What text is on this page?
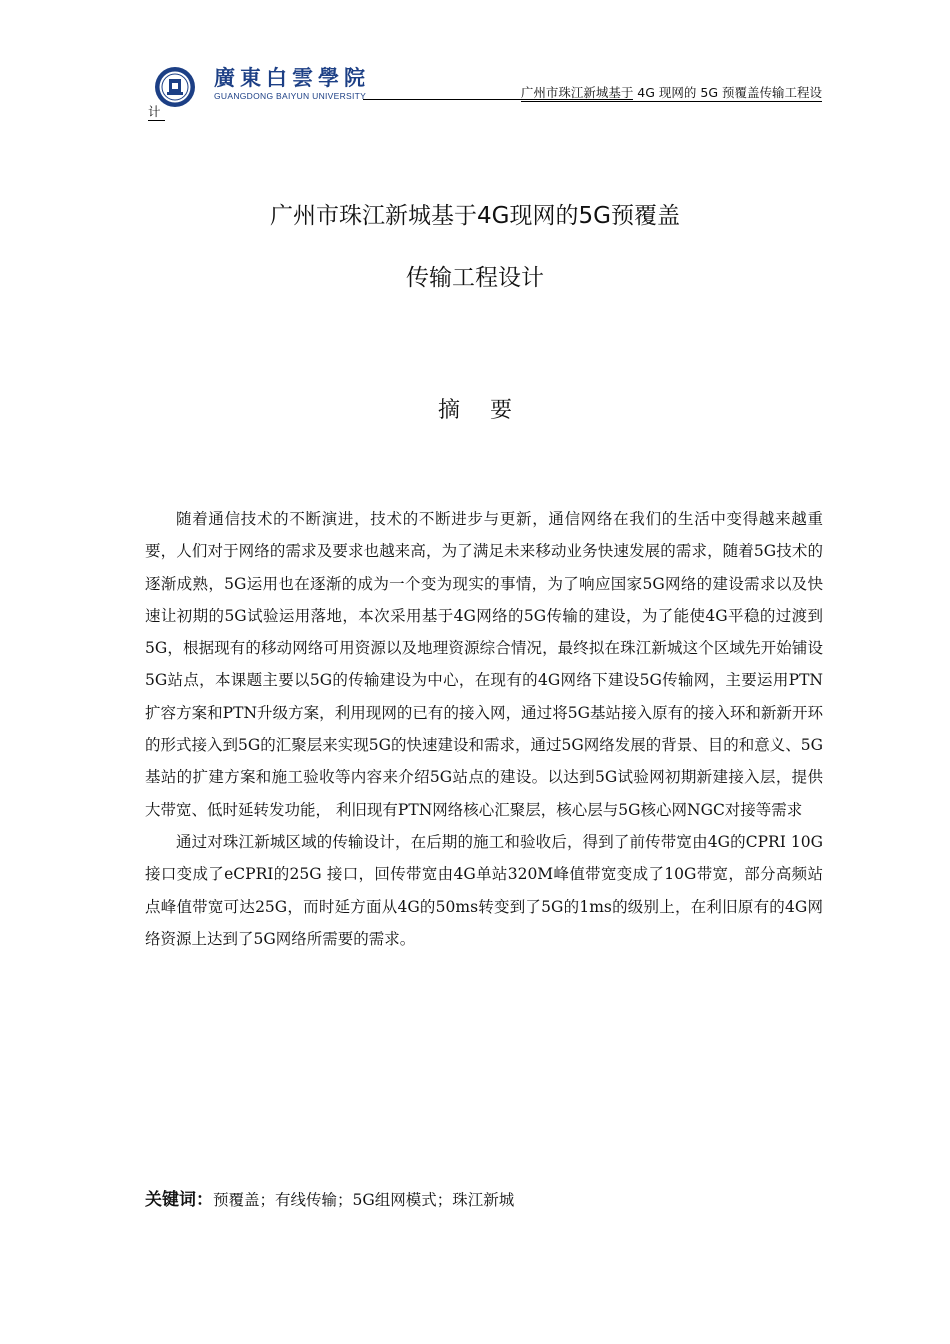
廣東白雲學院
GUANGDONG BAIYUN UNIVERSITY	广州市珠江新城基于 4G 现网的 5G 预覆盖传输工程设
计
广州市珠江新城基于4G现网的5G预覆盖
传输工程设计
摘要

随着通信技术的不断演进，技术的不断进步与更新，通信网络在我们的生活中变得越来越重要，人们对于网络的需求及要求也越来高，为了满足未来移动业务快速发展的需求，随着5G技术的逐渐成熟，5G运用也在逐渐的成为一个变为现实的事情，为了响应国家5G网络的建设需求以及快速让初期的5G试验运用落地，本次采用基于4G网络的5G传输的建设，为了能使4G平稳的过渡到5G，根据现有的移动网络可用资源以及地理资源综合情况，最终拟在珠江新城这个区域先开始铺设5G站点，本课题主要以5G的传输建设为中心，在现有的4G网络下建设5G传输网，主要运用PTN扩容方案和PTN升级方案，利用现网的已有的接入网，通过将5G基站接入原有的接入环和新新开环的形式接入到5G的汇聚层来实现5G的快速建设和需求，通过5G网络发展的背景、目的和意义、5G基站的扩建方案和施工验收等内容来介绍5G站点的建设。以达到5G试验网初期新建接入层，提供大带宽、低时延转发功能， 利旧现有PTN网络核心汇聚层，核心层与5G核心网NGC对接等需求

通过对珠江新城区域的传输设计，在后期的施工和验收后，得到了前传带宽由4G的CPRI 10G接口变成了eCPRI的25G 接口，回传带宽由4G单站320M峰值带宽变成了10G带宽，部分高频站点峰值带宽可达25G，而时延方面从4G的50ms转变到了5G的1ms的级别上，在利旧原有的4G网络资源上达到了5G网络所需要的需求。

关键词：预覆盖；有线传输；5G组网模式；珠江新城
